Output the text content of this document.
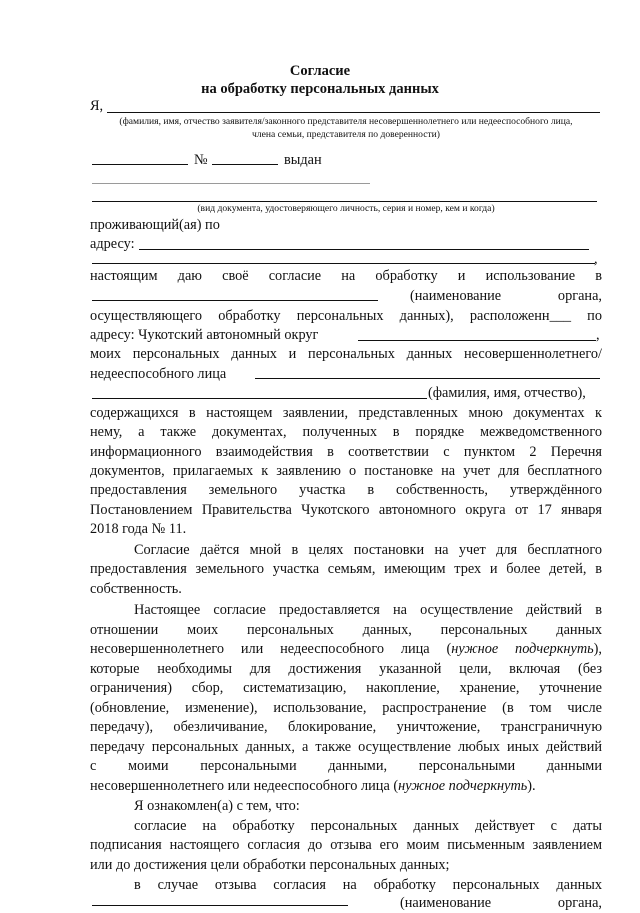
Согласие
на обработку персональных данных
Я,
(фамилия, имя, отчество заявителя/законного представителя несовершеннолетнего или недееспособного лица,
члена семьи, представителя по доверенности)
№	выдан
(вид документа, удостоверяющего личность, серия и номер, кем и когда)
проживающий(ая) по
адресу:
,
настоящим даю своё согласие на обработку и использование в
(наименование органа,
осуществляющего обработку персональных данных), расположенн___ по
адресу: Чукотский автономный округ	,
моих персональных данных и персональных данных несовершеннолетнего/
недееспособного лица
(фамилия, имя, отчество),
содержащихся в настоящем заявлении, представленных мною документах к
нему, а также документах, полученных в порядке межведомственного
информационного взаимодействия в соответствии с пунктом 2 Перечня
документов, прилагаемых к заявлению о постановке на учет для бесплатного
предоставления земельного участка в собственность, утверждённого
Постановлением Правительства Чукотского автономного округа от 17 января
2018 года № 11.
Согласие даётся мной в целях постановки на учет для бесплатного
предоставления земельного участка семьям, имеющим трех и более детей, в
собственность.
Настоящее согласие предоставляется на осуществление действий в
отношении моих персональных данных, персональных данных
несовершеннолетнего или недееспособного лица (нужное подчеркнуть),
которые необходимы для достижения указанной цели, включая (без
ограничения) сбор, систематизацию, накопление, хранение, уточнение
(обновление, изменение), использование, распространение (в том числе
передачу), обезличивание, блокирование, уничтожение, трансграничную
передачу персональных данных, а также осуществление любых иных действий
с моими персональными данными, персональными данными
несовершеннолетнего или недееспособного лица (нужное подчеркнуть).
Я ознакомлен(а) с тем, что:
согласие на обработку персональных данных действует с даты
подписания настоящего согласия до отзыва его моим письменным заявлением
или до достижения цели обработки персональных данных;
в случае отзыва согласия на обработку персональных данных
(наименование органа,
